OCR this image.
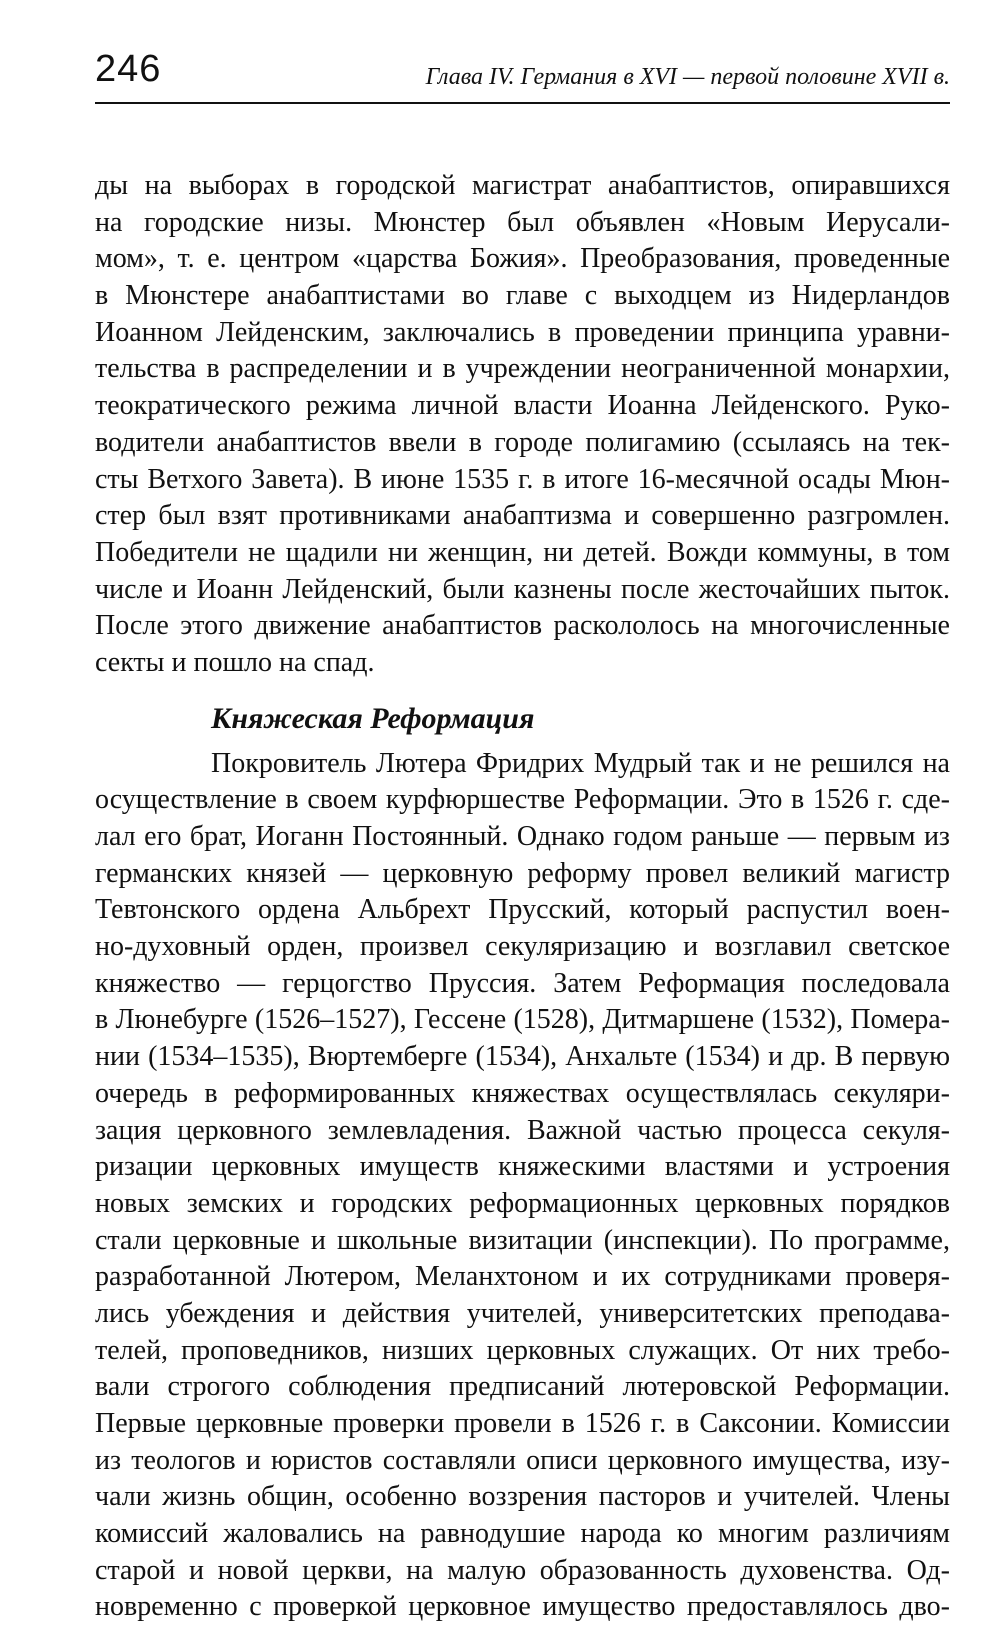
246	Глава IV. Германия в XVI — первой половине XVII в.
ды на выборах в городской магистрат анабаптистов, опиравшихся
на городские низы. Мюнстер был объявлен «Новым Иерусали-
мом», т. е. центром «царства Божия». Преобразования, проведенные
в Мюнстере анабаптистами во главе с выходцем из Нидерландов
Иоанном Лейденским, заключались в проведении принципа уравни-
тельства в распределении и в учреждении неограниченной монархии,
теократического режима личной власти Иоанна Лейденского. Руко-
водители анабаптистов ввели в городе полигамию (ссылаясь на тек-
сты Ветхого Завета). В июне 1535 г. в итоге 16-месячной осады Мюн-
стер был взят противниками анабаптизма и совершенно разгромлен.
Победители не щадили ни женщин, ни детей. Вожди коммуны, в том
числе и Иоанн Лейденский, были казнены после жесточайших пыток.
После этого движение анабаптистов раскололось на многочисленные
секты и пошло на спад.
Княжеская Реформация
Покровитель Лютера Фридрих Мудрый так и не решился на
осуществление в своем курфюршестве Реформации. Это в 1526 г. сде-
лал его брат, Иоганн Постоянный. Однако годом раньше — первым из
германских князей — церковную реформу провел великий магистр
Тевтонского ордена Альбрехт Прусский, который распустил воен-
но-духовный орден, произвел секуляризацию и возглавил светское
княжество — герцогство Пруссия. Затем Реформация последовала
в Люнебурге (1526–1527), Гессене (1528), Дитмаршене (1532), Помера-
нии (1534–1535), Вюртемберге (1534), Анхальте (1534) и др. В первую
очередь в реформированных княжествах осуществлялась секуляри-
зация церковного землевладения. Важной частью процесса секуля-
ризации церковных имуществ княжескими властями и устроения
новых земских и городских реформационных церковных порядков
стали церковные и школьные визитации (инспекции). По программе,
разработанной Лютером, Меланхтоном и их сотрудниками проверя-
лись убеждения и действия учителей, университетских преподава-
телей, проповедников, низших церковных служащих. От них требо-
вали строгого соблюдения предписаний лютеровской Реформации.
Первые церковные проверки провели в 1526 г. в Саксонии. Комиссии
из теологов и юристов составляли описи церковного имущества, изу-
чали жизнь общин, особенно воззрения пасторов и учителей. Члены
комиссий жаловались на равнодушие народа ко многим различиям
старой и новой церкви, на малую образованность духовенства. Од-
новременно с проверкой церковное имущество предоставлялось дво-
